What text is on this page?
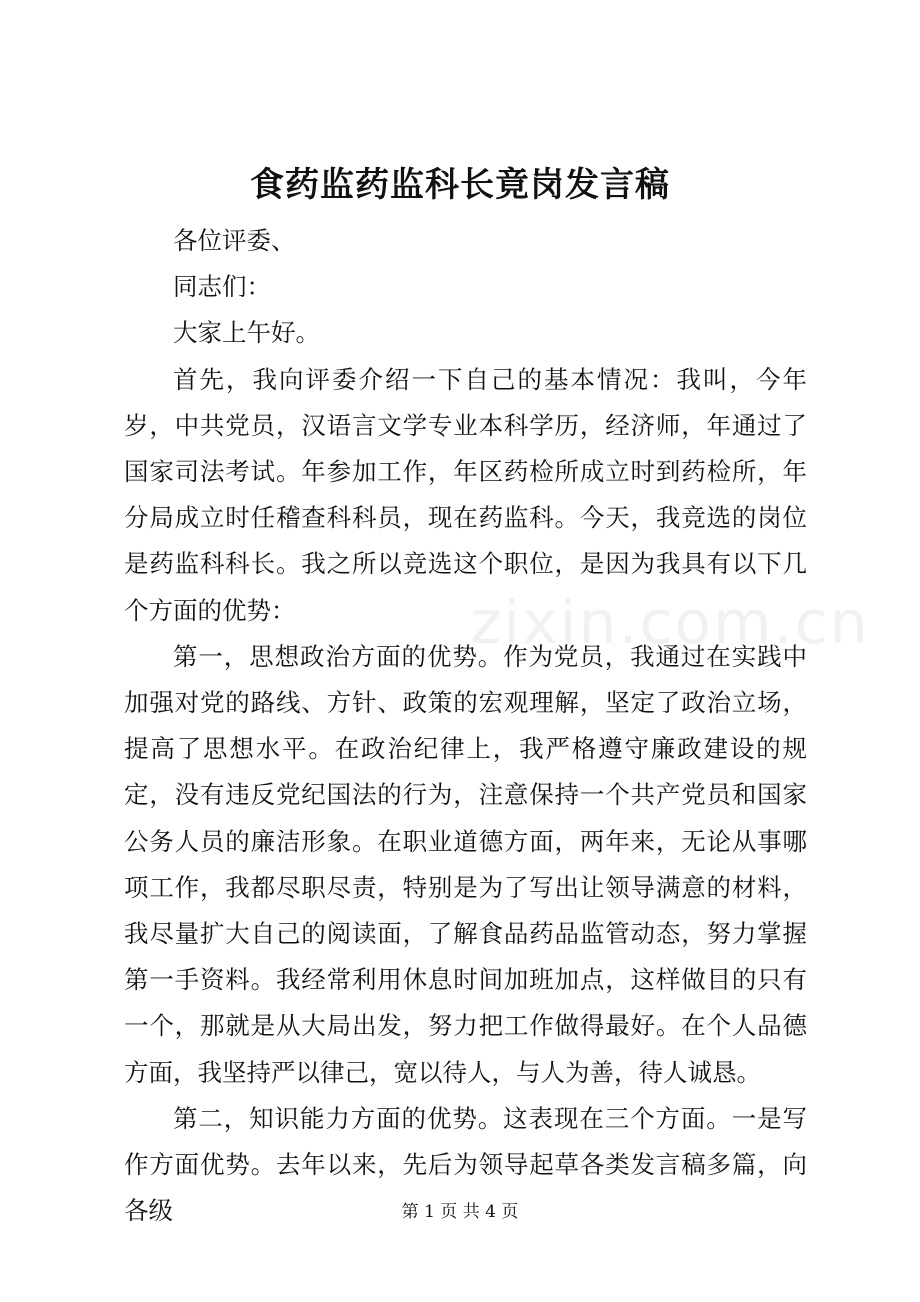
食药监药监科长竟岗发言稿

各位评委、

同志们：

大家上午好。

首先，我向评委介绍一下自己的基本情况：我叫，今年岁，中共党员，汉语言文学专业本科学历，经济师，年通过了国家司法考试。年参加工作，年区药检所成立时到药检所，年分局成立时任稽查科科员，现在药监科。今天，我竞选的岗位是药监科科长。我之所以竞选这个职位，是因为我具有以下几个方面的优势：

第一，思想政治方面的优势。作为党员，我通过在实践中加强对党的路线、方针、政策的宏观理解，坚定了政治立场，提高了思想水平。在政治纪律上，我严格遵守廉政建设的规定，没有违反党纪国法的行为，注意保持一个共产党员和国家公务人员的廉洁形象。在职业道德方面，两年来，无论从事哪项工作，我都尽职尽责，特别是为了写出让领导满意的材料，我尽量扩大自己的阅读面，了解食品药品监管动态，努力掌握第一手资料。我经常利用休息时间加班加点，这样做目的只有一个，那就是从大局出发，努力把工作做得最好。在个人品德方面，我坚持严以律己，宽以待人，与人为善，待人诚恳。

第二，知识能力方面的优势。这表现在三个方面。一是写作方面优势。去年以来，先后为领导起草各类发言稿多篇，向各级

zixin.com.cn
第 1 页 共 4 页
